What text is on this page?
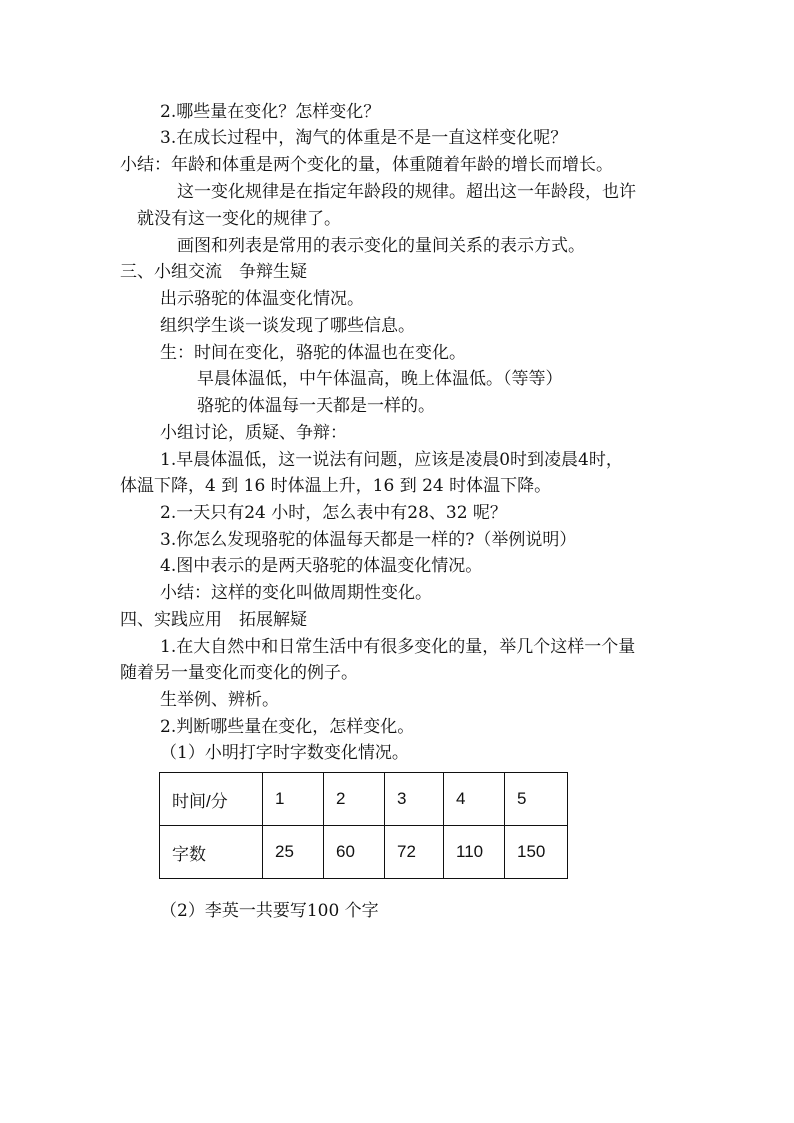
2.哪些量在变化？怎样变化？
3.在成长过程中，淘气的体重是不是一直这样变化呢？
小结：年龄和体重是两个变化的量，体重随着年龄的增长而增长。
这一变化规律是在指定年龄段的规律。超出这一年龄段，也许
就没有这一变化的规律了。
画图和列表是常用的表示变化的量间关系的表示方式。
三、小组交流　争辩生疑
出示骆驼的体温变化情况。
组织学生谈一谈发现了哪些信息。
生：时间在变化，骆驼的体温也在变化。
早晨体温低，中午体温高，晚上体温低。（等等）
骆驼的体温每一天都是一样的。
小组讨论，质疑、争辩：
1.早晨体温低，这一说法有问题，应该是凌晨0时到凌晨4时，
体温下降，4 到 16 时体温上升，16 到 24 时体温下降。
2.一天只有24 小时，怎么表中有28、32 呢？
3.你怎么发现骆驼的体温每天都是一样的?（举例说明）
4.图中表示的是两天骆驼的体温变化情况。
小结：这样的变化叫做周期性变化。
四、实践应用　拓展解疑
1.在大自然中和日常生活中有很多变化的量，举几个这样一个量
随着另一量变化而变化的例子。
生举例、辨析。
2.判断哪些量在变化，怎样变化。
（1）小明打字时字数变化情况。
时间/分	1	2	3	4	5
字数	25	60	72	110	150
（2）李英一共要写100 个字
